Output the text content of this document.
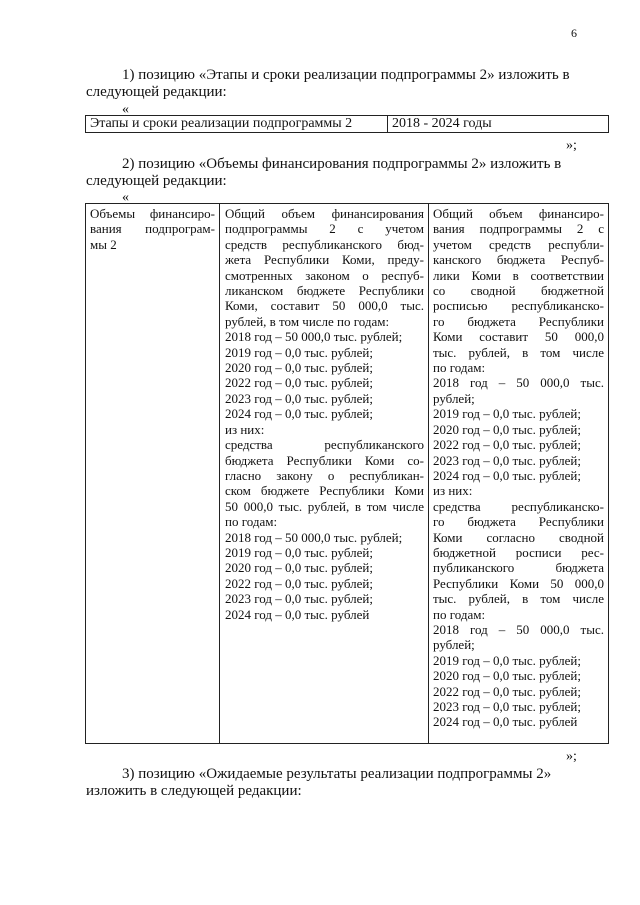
6
1) позицию «Этапы и сроки реализации подпрограммы 2» изложить в
следующей редакции:
«
Этапы и сроки реализации подпрограммы 2	2018 - 2024 годы
»;
2) позицию «Объемы финансирования подпрограммы 2» изложить в
следующей редакции:
«
Объемы финансиро-
вания подпрограм-
мы 2
Общий объем финансирования
подпрограммы 2 с учетом
средств республиканского бюд-
жета Республики Коми, преду-
смотренных законом о респуб-
ликанском бюджете Республики
Коми, составит 50 000,0 тыс.
рублей, в том числе по годам:
2018 год – 50 000,0 тыс. рублей;
2019 год – 0,0 тыс. рублей;
2020 год – 0,0 тыс. рублей;
2022 год – 0,0 тыс. рублей;
2023 год – 0,0 тыс. рублей;
2024 год – 0,0 тыс. рублей;
из них:
средства республиканского
бюджета Республики Коми со-
гласно закону о республикан-
ском бюджете Республики Коми
50 000,0 тыс. рублей, в том числе
по годам:
2018 год – 50 000,0 тыс. рублей;
2019 год – 0,0 тыс. рублей;
2020 год – 0,0 тыс. рублей;
2022 год – 0,0 тыс. рублей;
2023 год – 0,0 тыс. рублей;
2024 год – 0,0 тыс. рублей
Общий объем финансиро-
вания подпрограммы 2 с
учетом средств республи-
канского бюджета Респуб-
лики Коми в соответствии
со сводной бюджетной
росписью республиканско-
го бюджета Республики
Коми составит 50 000,0
тыс. рублей, в том числе
по годам:
2018 год – 50 000,0 тыс.
рублей;
2019 год – 0,0 тыс. рублей;
2020 год – 0,0 тыс. рублей;
2022 год – 0,0 тыс. рублей;
2023 год – 0,0 тыс. рублей;
2024 год – 0,0 тыс. рублей;
из них:
средства республиканско-
го бюджета Республики
Коми согласно сводной
бюджетной росписи рес-
публиканского бюджета
Республики Коми 50 000,0
тыс. рублей, в том числе
по годам:
2018 год – 50 000,0 тыс.
рублей;
2019 год – 0,0 тыс. рублей;
2020 год – 0,0 тыс. рублей;
2022 год – 0,0 тыс. рублей;
2023 год – 0,0 тыс. рублей;
2024 год – 0,0 тыс. рублей
»;
3) позицию «Ожидаемые результаты реализации подпрограммы 2»
изложить в следующей редакции:
